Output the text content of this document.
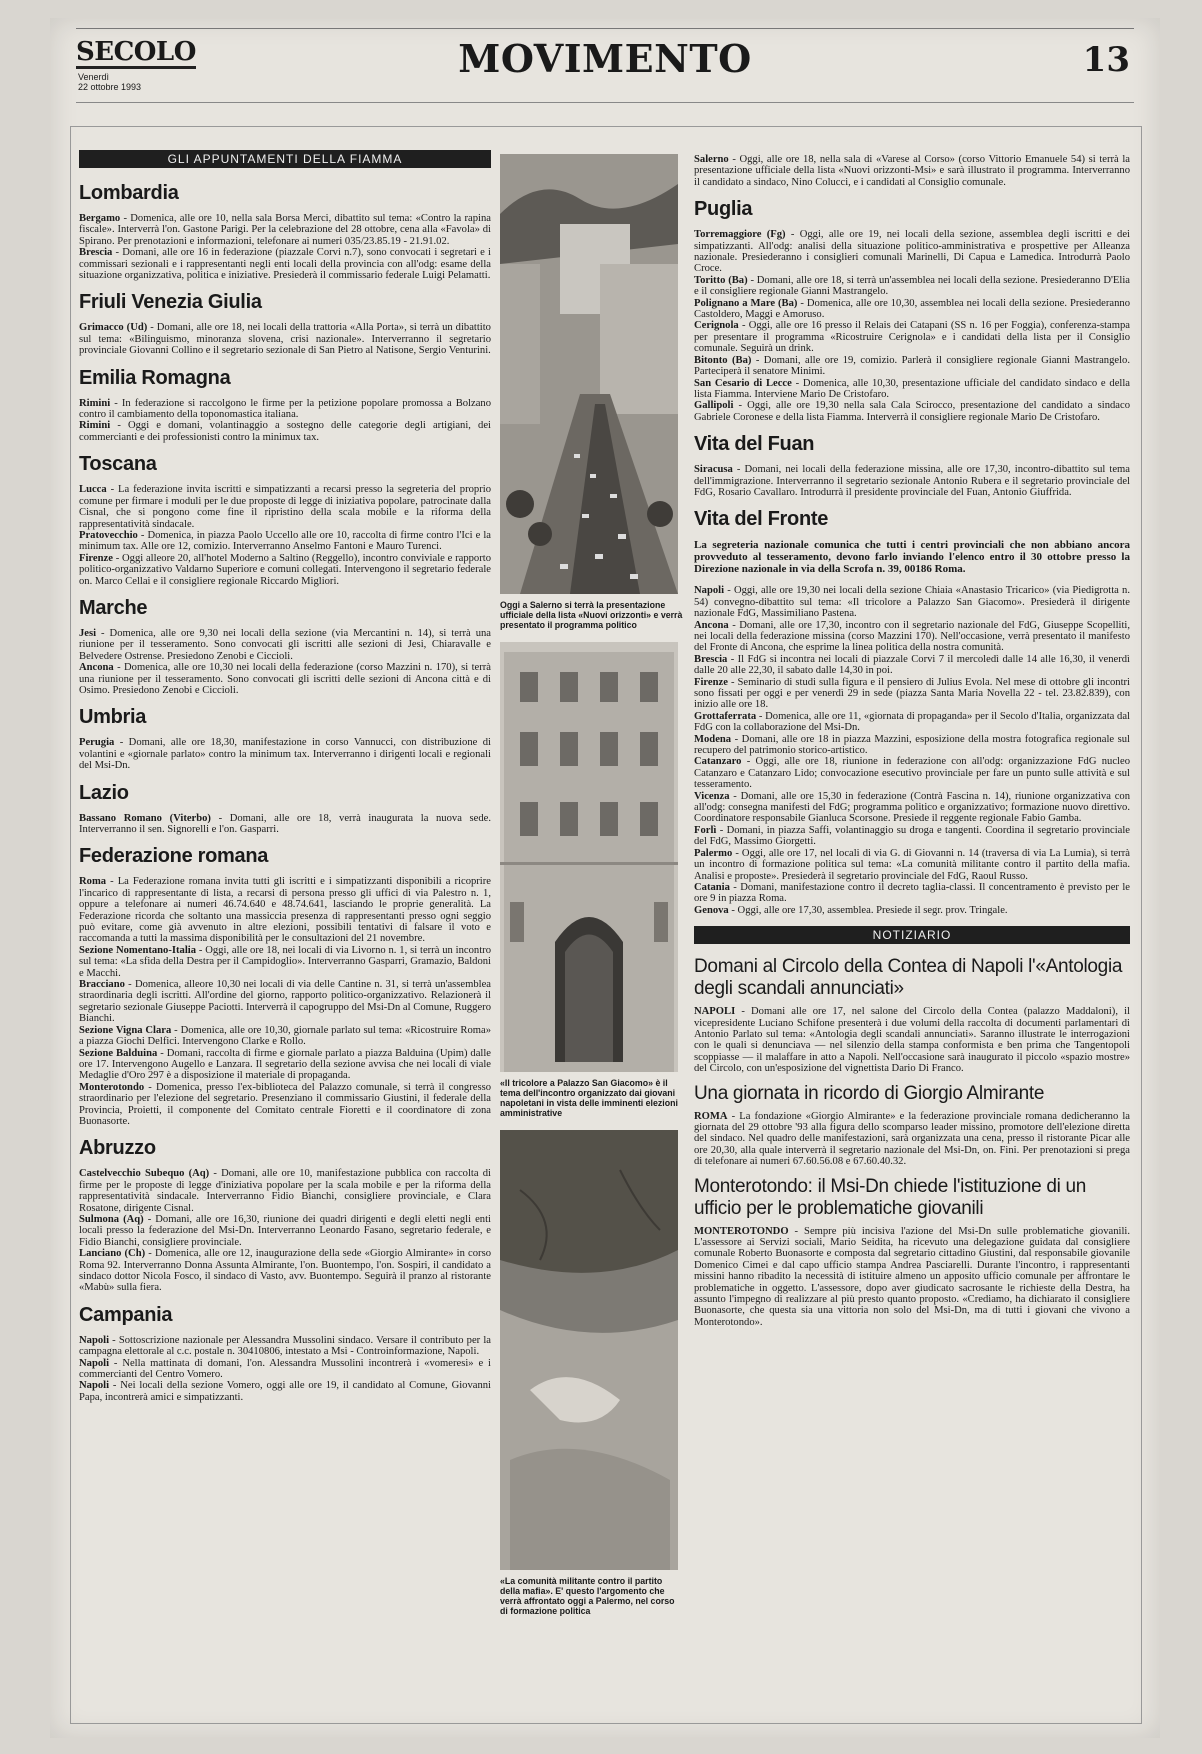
SECOLO
Venerdì
22 ottobre 1993
MOVIMENTO	13
GLI APPUNTAMENTI DELLA FIAMMA
Lombardia

Bergamo - Domenica, alle ore 10, nella sala Borsa Merci, dibattito sul tema: «Contro la rapina fiscale». Interverrà l'on. Gastone Parigi. Per la celebrazione del 28 ottobre, cena alla «Favola» di Spirano. Per prenotazioni e informazioni, telefonare ai numeri 035/23.85.19 - 21.91.02.

Brescia - Domani, alle ore 16 in federazione (piazzale Corvi n.7), sono convocati i segretari e i commissari sezionali e i rappresentanti negli enti locali della provincia con all'odg: esame della situazione organizzativa, politica e iniziative. Presiederà il commissario federale Luigi Pelamatti.

Friuli Venezia Giulia

Grimacco (Ud) - Domani, alle ore 18, nei locali della trattoria «Alla Porta», si terrà un dibattito sul tema: «Bilinguismo, minoranza slovena, crisi nazionale». Interverranno il segretario provinciale Giovanni Collino e il segretario sezionale di San Pietro al Natisone, Sergio Venturini.

Emilia Romagna

Rimini - In federazione si raccolgono le firme per la petizione popolare promossa a Bolzano contro il cambiamento della toponomastica italiana.

Rimini - Oggi e domani, volantinaggio a sostegno delle categorie degli artigiani, dei commercianti e dei professionisti contro la minimux tax.

Toscana

Lucca - La federazione invita iscritti e simpatizzanti a recarsi presso la segreteria del proprio comune per firmare i moduli per le due proposte di legge di iniziativa popolare, patrocinate dalla Cisnal, che si pongono come fine il ripristino della scala mobile e la riforma della rappresentatività sindacale.

Pratovecchio - Domenica, in piazza Paolo Uccello alle ore 10, raccolta di firme contro l'Ici e la minimum tax. Alle ore 12, comizio. Interverranno Anselmo Fantoni e Mauro Turenci.

Firenze - Oggi alleore 20, all'hotel Moderno a Saltino (Reggello), incontro conviviale e rapporto politico-organizzativo Valdarno Superiore e comuni collegati. Intervengono il segretario federale on. Marco Cellai e il consigliere regionale Riccardo Migliori.

Marche

Jesi - Domenica, alle ore 9,30 nei locali della sezione (via Mercantini n. 14), si terrà una riunione per il tesseramento. Sono convocati gli iscritti alle sezioni di Jesi, Chiaravalle e Belvedere Ostrense. Presiedono Zenobi e Ciccioli.

Ancona - Domenica, alle ore 10,30 nei locali della federazione (corso Mazzini n. 170), si terrà una riunione per il tesseramento. Sono convocati gli iscritti delle sezioni di Ancona città e di Osimo. Presiedono Zenobi e Ciccioli.

Umbria

Perugia - Domani, alle ore 18,30, manifestazione in corso Vannucci, con distribuzione di volantini e «giornale parlato» contro la minimum tax. Interverranno i dirigenti locali e regionali del Msi-Dn.

Lazio

Bassano Romano (Viterbo) - Domani, alle ore 18, verrà inaugurata la nuova sede. Interverranno il sen. Signorelli e l'on. Gasparri.

Federazione romana

Roma - La Federazione romana invita tutti gli iscritti e i simpatizzanti disponibili a ricoprire l'incarico di rappresentante di lista, a recarsi di persona presso gli uffici di via Palestro n. 1, oppure a telefonare ai numeri 46.74.640 e 48.74.641, lasciando le proprie generalità. La Federazione ricorda che soltanto una massiccia presenza di rappresentanti presso ogni seggio può evitare, come già avvenuto in altre elezioni, possibili tentativi di falsare il voto e raccomanda a tutti la massima disponibilità per le consultazioni del 21 novembre.

Sezione Nomentano-Italia - Oggi, alle ore 18, nei locali di via Livorno n. 1, si terrà un incontro sul tema: «La sfida della Destra per il Campidoglio». Interverranno Gasparri, Gramazio, Baldoni e Macchi.

Bracciano - Domenica, alleore 10,30 nei locali di via delle Cantine n. 31, si terrà un'assemblea straordinaria degli iscritti. All'ordine del giorno, rapporto politico-organizzativo. Relazionerà il segretario sezionale Giuseppe Paciotti. Interverrà il capogruppo del Msi-Dn al Comune, Ruggero Bianchi.

Sezione Vigna Clara - Domenica, alle ore 10,30, giornale parlato sul tema: «Ricostruire Roma» a piazza Giochi Delfici. Intervengono Clarke e Rollo.

Sezione Balduina - Domani, raccolta di firme e giornale parlato a piazza Balduina (Upim) dalle ore 17. Intervengono Augello e Lanzara. Il segretario della sezione avvisa che nei locali di viale Medaglie d'Oro 297 è a disposizione il materiale di propaganda.

Monterotondo - Domenica, presso l'ex-biblioteca del Palazzo comunale, si terrà il congresso straordinario per l'elezione del segretario. Presenziano il commissario Giustini, il federale della Provincia, Proietti, il componente del Comitato centrale Fioretti e il coordinatore di zona Buonasorte.

Abruzzo

Castelvecchio Subequo (Aq) - Domani, alle ore 10, manifestazione pubblica con raccolta di firme per le proposte di legge d'iniziativa popolare per la scala mobile e per la riforma della rappresentatività sindacale. Interverranno Fidio Bianchi, consigliere provinciale, e Clara Rosatone, dirigente Cisnal.

Sulmona (Aq) - Domani, alle ore 16,30, riunione dei quadri dirigenti e degli eletti negli enti locali presso la federazione del Msi-Dn. Interverranno Leonardo Fasano, segretario federale, e Fidio Bianchi, consigliere provinciale.

Lanciano (Ch) - Domenica, alle ore 12, inaugurazione della sede «Giorgio Almirante» in corso Roma 92. Interverranno Donna Assunta Almirante, l'on. Buontempo, l'on. Sospiri, il candidato a sindaco dottor Nicola Fosco, il sindaco di Vasto, avv. Buontempo. Seguirà il pranzo al ristorante «Mabù» sulla fiera.

Campania

Napoli - Sottoscrizione nazionale per Alessandra Mussolini sindaco. Versare il contributo per la campagna elettorale al c.c. postale n. 30410806, intestato a Msi - Controinformazione, Napoli.

Napoli - Nella mattinata di domani, l'on. Alessandra Mussolini incontrerà i «vomeresi» e i commercianti del Centro Vomero.

Napoli - Nei locali della sezione Vomero, oggi alle ore 19, il candidato al Comune, Giovanni Papa, incontrerà amici e simpatizzanti.

Oggi a Salerno si terrà la presentazione ufficiale della lista «Nuovi orizzonti» e verrà presentato il programma politico
«Il tricolore a Palazzo San Giacomo» è il tema dell'incontro organizzato dai giovani napoletani in vista delle imminenti elezioni amministrative
«La comunità militante contro il partito della mafia». E' questo l'argomento che verrà affrontato oggi a Palermo, nel corso di formazione politica

Salerno - Oggi, alle ore 18, nella sala di «Varese al Corso» (corso Vittorio Emanuele 54) si terrà la presentazione ufficiale della lista «Nuovi orizzonti-Msi» e sarà illustrato il programma. Interverranno il candidato a sindaco, Nino Colucci, e i candidati al Consiglio comunale.

Puglia

Torremaggiore (Fg) - Oggi, alle ore 19, nei locali della sezione, assemblea degli iscritti e dei simpatizzanti. All'odg: analisi della situazione politico-amministrativa e prospettive per Alleanza nazionale. Presiederanno i consiglieri comunali Marinelli, Di Capua e Lamedica. Introdurrà Paolo Croce.

Toritto (Ba) - Domani, alle ore 18, si terrà un'assemblea nei locali della sezione. Presiederanno D'Elia e il consigliere regionale Gianni Mastrangelo.

Polignano a Mare (Ba) - Domenica, alle ore 10,30, assemblea nei locali della sezione. Presiederanno Castoldero, Maggi e Amoruso.

Cerignola - Oggi, alle ore 16 presso il Relais dei Catapani (SS n. 16 per Foggia), conferenza-stampa per presentare il programma «Ricostruire Cerignola» e i candidati della lista per il Consiglio comunale. Seguirà un drink.

Bitonto (Ba) - Domani, alle ore 19, comizio. Parlerà il consigliere regionale Gianni Mastrangelo. Parteciperà il senatore Minimi.

San Cesario di Lecce - Domenica, alle 10,30, presentazione ufficiale del candidato sindaco e della lista Fiamma. Interviene Mario De Cristofaro.

Gallipoli - Oggi, alle ore 19,30 nella sala Cala Scirocco, presentazione del candidato a sindaco Gabriele Coronese e della lista Fiamma. Interverrà il consigliere regionale Mario De Cristofaro.

Vita del Fuan

Siracusa - Domani, nei locali della federazione missina, alle ore 17,30, incontro-dibattito sul tema dell'immigrazione. Interverranno il segretario sezionale Antonio Rubera e il segretario provinciale del FdG, Rosario Cavallaro. Introdurrà il presidente provinciale del Fuan, Antonio Giuffrida.

Vita del Fronte
La segreteria nazionale comunica che tutti i centri provinciali che non abbiano ancora provveduto al tesseramento, devono farlo inviando l'elenco entro il 30 ottobre presso la Direzione nazionale in via della Scrofa n. 39, 00186 Roma.

Napoli - Oggi, alle ore 19,30 nei locali della sezione Chiaia «Anastasio Tricarico» (via Piedigrotta n. 54) convegno-dibattito sul tema: «Il tricolore a Palazzo San Giacomo». Presiederà il dirigente nazionale FdG, Massimiliano Pastena.

Ancona - Domani, alle ore 17,30, incontro con il segretario nazionale del FdG, Giuseppe Scopelliti, nei locali della federazione missina (corso Mazzini 170). Nell'occasione, verrà presentato il manifesto del Fronte di Ancona, che esprime la linea politica della nostra comunità.

Brescia - Il FdG si incontra nei locali di piazzale Corvi 7 il mercoledì dalle 14 alle 16,30, il venerdì dalle 20 alle 22,30, il sabato dalle 14,30 in poi.

Firenze - Seminario di studi sulla figura e il pensiero di Julius Evola. Nel mese di ottobre gli incontri sono fissati per oggi e per venerdì 29 in sede (piazza Santa Maria Novella 22 - tel. 23.82.839), con inizio alle ore 18.

Grottaferrata - Domenica, alle ore 11, «giornata di propaganda» per il Secolo d'Italia, organizzata dal FdG con la collaborazione del Msi-Dn.

Modena - Domani, alle ore 18 in piazza Mazzini, esposizione della mostra fotografica regionale sul recupero del patrimonio storico-artistico.

Catanzaro - Oggi, alle ore 18, riunione in federazione con all'odg: organizzazione FdG nucleo Catanzaro e Catanzaro Lido; convocazione esecutivo provinciale per fare un punto sulle attività e sul tesseramento.

Vicenza - Domani, alle ore 15,30 in federazione (Contrà Fascina n. 14), riunione organizzativa con all'odg: consegna manifesti del FdG; programma politico e organizzativo; formazione nuovo direttivo. Coordinatore responsabile Gianluca Scorsone. Presiede il reggente regionale Fabio Gamba.

Forlì - Domani, in piazza Saffi, volantinaggio su droga e tangenti. Coordina il segretario provinciale del FdG, Massimo Giorgetti.

Palermo - Oggi, alle ore 17, nel locali di via G. di Giovanni n. 14 (traversa di via La Lumia), si terrà un incontro di formazione politica sul tema: «La comunità militante contro il partito della mafia. Analisi e proposte». Presiederà il segretario provinciale del FdG, Raoul Russo.

Catania - Domani, manifestazione contro il decreto taglia-classi. Il concentramento è previsto per le ore 9 in piazza Roma.

Genova - Oggi, alle ore 17,30, assemblea. Presiede il segr. prov. Tringale.

NOTIZIARIO
Domani al Circolo della Contea di Napoli l'«Antologia degli scandali annunciati»

NAPOLI - Domani alle ore 17, nel salone del Circolo della Contea (palazzo Maddaloni), il vicepresidente Luciano Schifone presenterà i due volumi della raccolta di documenti parlamentari di Antonio Parlato sul tema: «Antologia degli scandali annunciati». Saranno illustrate le interrogazioni con le quali si denunciava — nel silenzio della stampa conformista e ben prima che Tangentopoli scoppiasse — il malaffare in atto a Napoli. Nell'occasione sarà inaugurato il piccolo «spazio mostre» del Circolo, con un'esposizione del vignettista Dario Di Franco.

Una giornata in ricordo di Giorgio Almirante

ROMA - La fondazione «Giorgio Almirante» e la federazione provinciale romana dedicheranno la giornata del 29 ottobre '93 alla figura dello scomparso leader missino, promotore dell'elezione diretta del sindaco. Nel quadro delle manifestazioni, sarà organizzata una cena, presso il ristorante Picar alle ore 20,30, alla quale interverrà il segretario nazionale del Msi-Dn, on. Fini. Per prenotazioni si prega di telefonare ai numeri 67.60.56.08 e 67.60.40.32.

Monterotondo: il Msi-Dn chiede l'istituzione di un ufficio per le problematiche giovanili

MONTEROTONDO - Sempre più incisiva l'azione del Msi-Dn sulle problematiche giovanili. L'assessore ai Servizi sociali, Mario Seidita, ha ricevuto una delegazione guidata dal consigliere comunale Roberto Buonasorte e composta dal segretario cittadino Giustini, dal responsabile giovanile Domenico Cimei e dal capo ufficio stampa Andrea Pasciarelli. Durante l'incontro, i rappresentanti missini hanno ribadito la necessità di istituire almeno un apposito ufficio comunale per affrontare le problematiche in oggetto. L'assessore, dopo aver giudicato sacrosante le richieste della Destra, ha assunto l'impegno di realizzare al più presto quanto proposto. «Crediamo, ha dichiarato il consigliere Buonasorte, che questa sia una vittoria non solo del Msi-Dn, ma di tutti i giovani che vivono a Monterotondo».
